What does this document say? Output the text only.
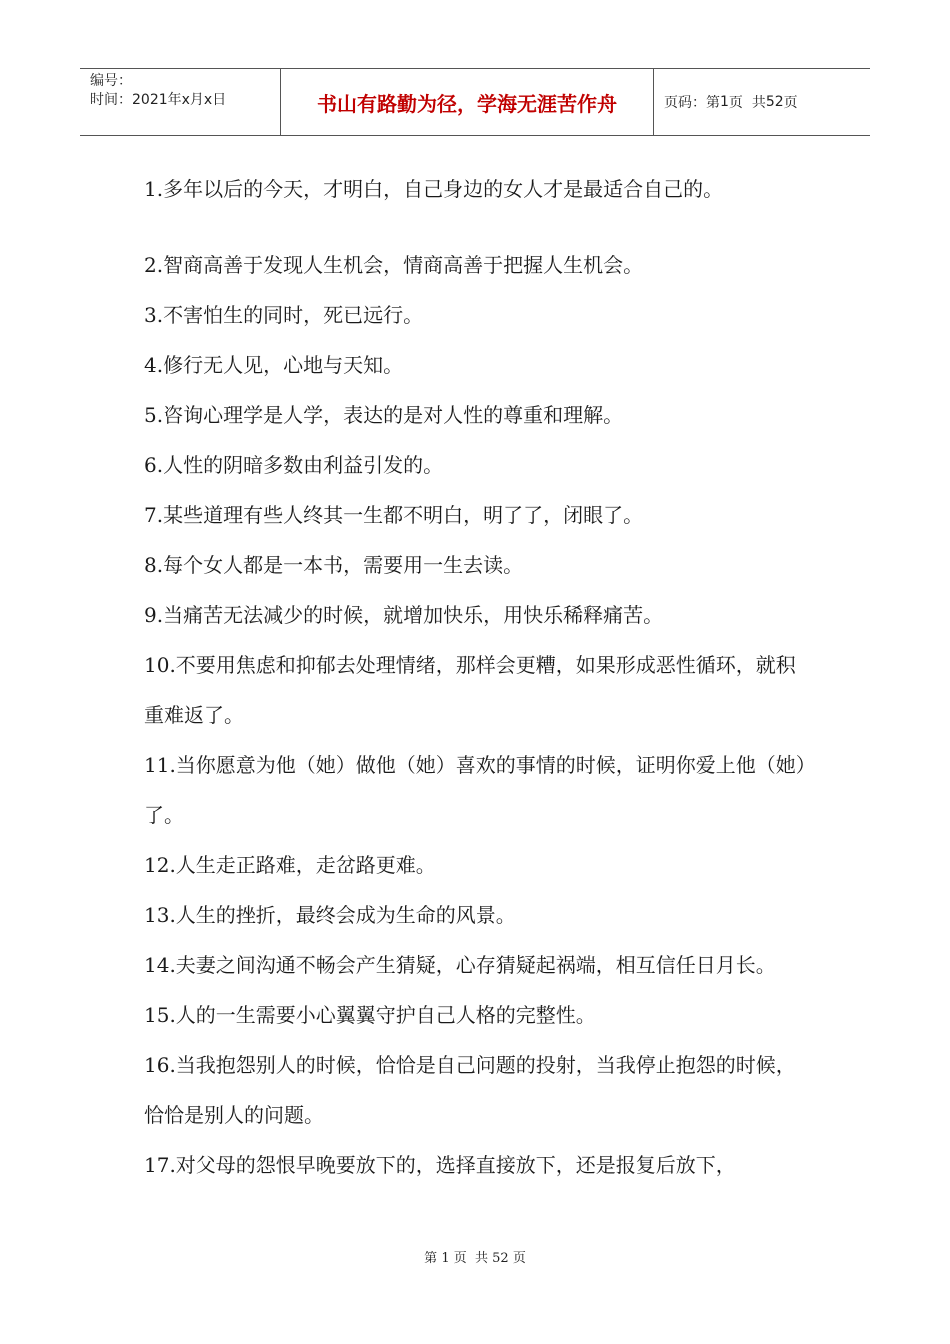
编号：
时间：2021年x月x日	书山有路勤为径，学海无涯苦作舟	页码：第 1 页  共 52 页

1.多年以后的今天，才明白，自己身边的女人才是最适合自己的。

2.智商高善于发现人生机会，情商高善于把握人生机会。

3.不害怕生的同时，死已远行。

4.修行无人见，心地与天知。

5.咨询心理学是人学，表达的是对人性的尊重和理解。

6.人性的阴暗多数由利益引发的。

7.某些道理有些人终其一生都不明白，明了了，闭眼了。

8.每个女人都是一本书，需要用一生去读。

9.当痛苦无法减少的时候，就增加快乐，用快乐稀释痛苦。

10.不要用焦虑和抑郁去处理情绪，那样会更糟，如果形成恶性循环，就积重难返了。

11.当你愿意为他（她）做他（她）喜欢的事情的时候，证明你爱上他（她）了。

12.人生走正路难，走岔路更难。

13.人生的挫折，最终会成为生命的风景。

14.夫妻之间沟通不畅会产生猜疑，心存猜疑起祸端，相互信任日月长。

15.人的一生需要小心翼翼守护自己人格的完整性。

16.当我抱怨别人的时候，恰恰是自己问题的投射，当我停止抱怨的时候，恰恰是别人的问题。

17.对父母的怨恨早晚要放下的，选择直接放下，还是报复后放下，

第 1 页  共 52 页
